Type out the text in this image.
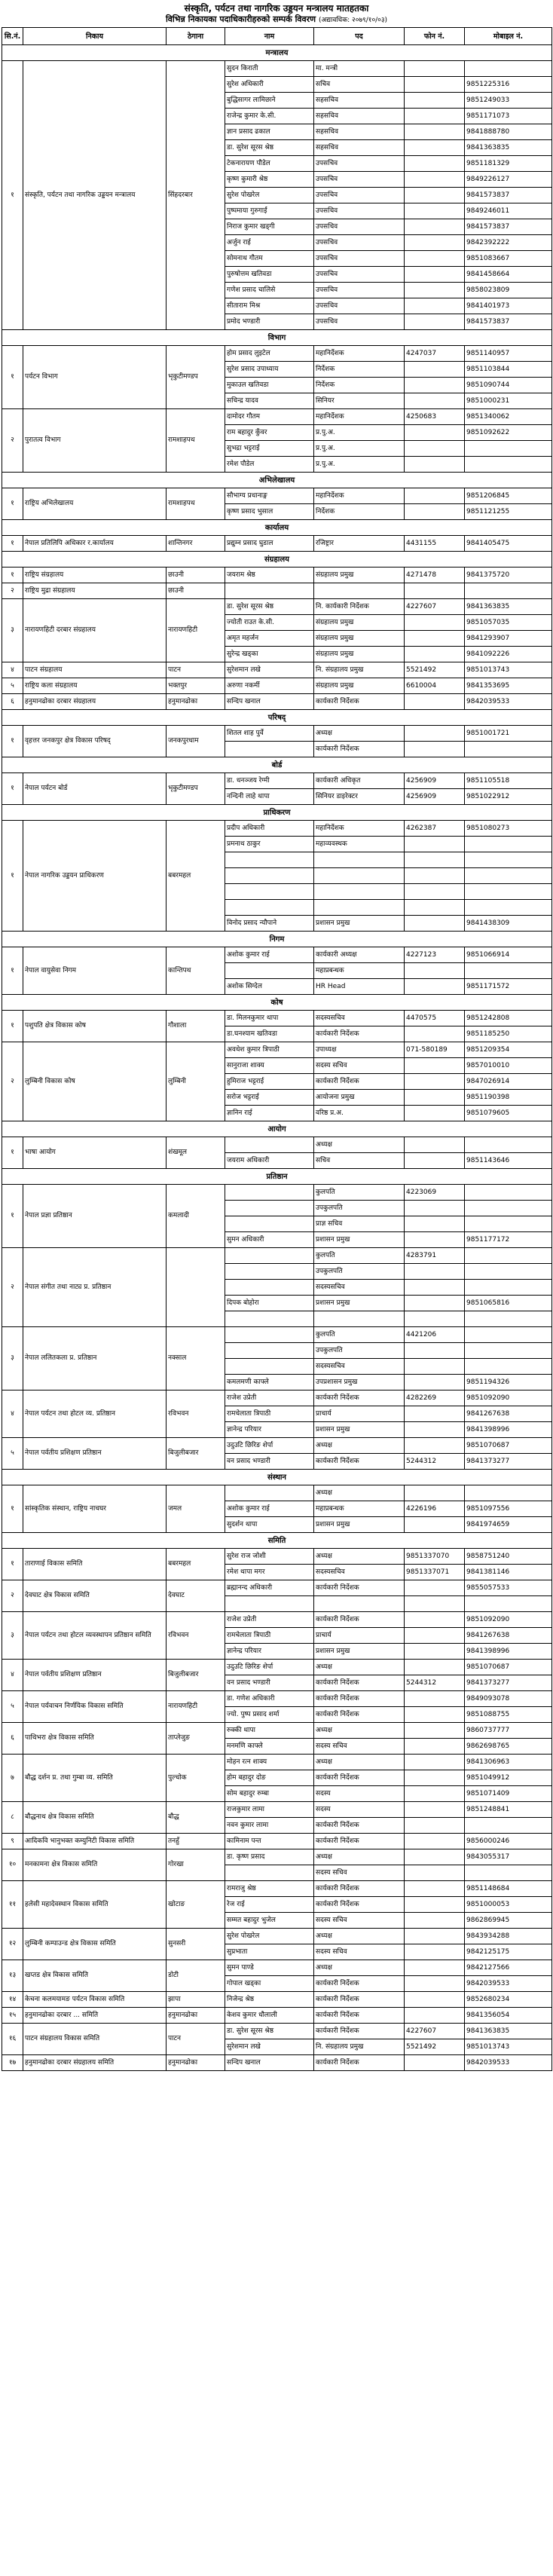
संस्कृति, पर्यटन तथा नागरिक उड्डयन मन्त्रालय मातहतका
विभिन्न निकायका पदाधिकारीहरुको सम्पर्क विवरण (अद्यावधिक: २०७९/१०/०३)
सि.नं.	निकाय	ठेगाना	नाम	पद	फोन नं.	मोबाइल नं.
मन्त्रालय						
१	संस्कृति, पर्यटन तथा नागरिक उड्डयन मन्त्रालय	सिंहदरबार	सुदन किराती	मा. मन्त्री		
			सुरेश अधिकारी	सचिव		9851225316
			बुद्धिसागर लामिछाने	सहसचिव		9851249033
			राजेन्द्र कुमार के.सी.	सहसचिव		9851171073
			ज्ञान प्रसाद ढकाल	सहसचिव		9841888780
			डा. सुरेश सूरस श्रेष्ठ	सहसचिव		9841363835
			टेकनारायण पौडेल	उपसचिव		9851181329
			कृष्ण कुमारी श्रेष्ठ	उपसचिव		9849226127
			सुरेश पोखरेल	उपसचिव		9841573837
			पुष्पमाया गुरुगाईं	उपसचिव		9849246011
			निराज कुमार खड्गी	उपसचिव		9841573837
			अर्जुन राई	उपसचिव		9842392222
			सोमनाथ गौतम	उपसचिव		9851083667
			पुरुषोत्तम खतिवडा	उपसचिव		9841458664
			गणेश प्रसाद चालिसे	उपसचिव		9858023809
			सीताराम मिश्र	उपसचिव		9841401973
			प्रमोद भण्डारी	उपसचिव		9841573837
विभाग						
१	पर्यटन विभाग	भृकुटीमण्डप	होम प्रसाद लुइटेल	महानिर्देशक	4247037	9851140957
			सुरेश प्रसाद उपाध्याय	निर्देशक		9851103844
			मुकाउल खतिवडा	निर्देशक		9851090744
			सचिन्द्र यादव	सिनियर		9851000231
२	पुरातत्व विभाग	रामशाहपथ	दामोदर गौतम	महानिर्देशक	4250683	9851340062
			राम बहादुर कुँवर	प्र.पु.अ.		9851092622
			सुभद्रा भट्टराई	प्र.पु.अ.		
			रमेश पौडेल	प्र.पु.अ.		
अभिलेखालय						
१	राष्ट्रिय अभिलेखालय	रामशाहपथ	सौभाग्य प्रधानाङ्ग	महानिर्देशक		9851206845
			कृष्ण प्रसाद भुसाल	निर्देशक		9851121255
कार्यालय						
१	नेपाल प्रतिलिपि अधिकार र.कार्यालय	शान्तिनगर	प्रद्युम्न प्रसाद घुडाल	रजिष्ट्रार	4431155	9841405475
संग्रहालय						
१	राष्ट्रिय संग्रहालय	छाउनी	जयराम श्रेष्ठ	संग्रहालय प्रमुख	4271478	9841375720
२	राष्ट्रिय मुद्रा संग्रहालय	छाउनी				
३	नारायणहिटी दरबार संग्रहालय	नारायणहिटी	डा. सुरेश सूरस श्रेष्ठ	नि. कार्यकारी निर्देशक	4227607	9841363835
			ज्योती राउत के.सी.	संग्रहालय प्रमुख		9851057035
			अमृत महर्जन	संग्रहालय प्रमुख		9841293907
			सुरेन्द्र खड्का	संग्रहालय प्रमुख		9841092226
४	पाटन संग्रहालय	पाटन	सुरेशमान लखे	नि. संग्रहालय प्रमुख	5521492	9851013743
५	राष्ट्रिय कला संग्रहालय	भक्तपुर	अरुणा नकर्मी	संग्रहालय प्रमुख	6610004	9841353695
६	हनुमानढोका दरबार संग्रहालय	हनुमानढोका	सन्दिप खनाल	कार्यकारी निर्देशक		9842039533
परिषद्						
१	वृहत्तर जनकपुर क्षेत्र विकास परिषद्	जनकपुरधाम	शितल शाह पुर्वे	अध्यक्ष		9851001721
				कार्यकारी निर्देशक		
बोर्ड						
१	नेपाल पर्यटन बोर्ड	भृकुटीमण्डप	डा. धनञ्जय रेग्मी	कार्यकारी अधिकृत	4256909	9851105518
			नन्दिनी लाहे थापा	सिनियर डाइरेक्टर	4256909	9851022912
प्राधिकरण						
१	नेपाल नागरिक उड्डयन प्राधिकरण	बबरमहल	प्रदीप अधिकारी	महानिर्देशक	4262387	9851080273
			प्रमनाथ ठाकुर	महाव्यवस्थक		

			विनोद प्रसाद न्यौपाने	प्रशासन प्रमुख		9841438309
निगम						
१	नेपाल वायुसेवा निगम	कान्तिपथ	अशोक कुमार राई	कार्यकारी अध्यक्ष	4227123	9851066914
				महाप्रबन्धक		
			अशोक सिग्देल	HR Head		9851171572
कोष						
१	पशुपति क्षेत्र विकास कोष	गौशाला	डा. मिलनकुमार थापा	सदस्यसचिव	4470575	9851242808
			डा.घनश्याम खतिवडा	कार्यकारी निर्देशक		9851185250
२	लुम्बिनी विकास कोष	लुम्बिनी	अवधेश कुमार त्रिपाठी	उपाध्यक्ष	071-580189	9851209354
			सानुराजा शाक्य	सदस्य सचिव		9857010010
			हुमिराज भट्टराई	कार्यकारी निर्देशक		9847026914
			सरोज भट्टराई	आयोजना प्रमुख		9851190398
			ज्ञानिन राई	वरिष्ठ प्र.अ.		9851079605
आयोग						
१	भाषा आयोग	शंखमूल		अध्यक्ष		
			जयराम अधिकारी	सचिव		9851143646
प्रतिष्ठान						
१	नेपाल प्रज्ञा प्रतिष्ठान	कमलादी		कुलपति	4223069	
				उपकुलपति		
				प्राज्ञ सचिव		
			सुमन अधिकारी	प्रशासन प्रमुख		9851177172
२	नेपाल संगीत तथा नाट्य प्र. प्रतिष्ठान			कुलपति	4283791	
				उपकुलपति		
				सदस्यसचिव		
			दिपक बोहोरा	प्रशासन प्रमुख		9851065816

३	नेपाल ललितकला प्र. प्रतिष्ठान	नक्साल		कुलपति	4421206	
				उपकुलपति		
				सदस्यसचिव		
			कमलमणी काफ्ले	उपप्रशासन प्रमुख		9851194326
४	नेपाल पर्यटन तथा होटल व्य. प्रतिष्ठान	रविभवन	राजेश उप्रेती	कार्यकारी निर्देशक	4282269	9851092090
			रामचेलाता त्रिपाठी	प्राचार्य		9841267638
			ज्ञानेन्द्र परियार	प्रशासन प्रमुख		9841398996
५	नेपाल पर्वतीय प्रशिक्षण प्रतिष्ठान	बिजुलीबजार	उदुउटि छिरिङ शेर्पा	अध्यक्ष		9851070687
			वन प्रसाद भण्डारी	कार्यकारी निर्देशक	5244312	9841373277
संस्थान						
१	सांस्कृतिक संस्थान, राष्ट्रिय नाचघर	जमल		अध्यक्ष		
			अशोक कुमार राई	महाप्रबन्धक	4226196	9851097556
			सुदर्शन थापा	प्रशासन प्रमुख		9841974659
समिति						
१	ताराणाई विकास समिति	बबरमहल	सुरेश राज जोशी	अध्यक्ष	9851337070	9858751240
			रमेश थापा मगर	सदस्यसचिव	9851337071	9841381146
२	देवघाट क्षेत्र विकास समिति	देवघाट	ब्रह्मानन्द अधिकारी	कार्यकारी निर्देशक		9855057533

३	नेपाल पर्यटन तथा होटल व्यवस्थापन प्रतिष्ठान समिति	रविभवन	राजेश उप्रेती	कार्यकारी निर्देशक		9851092090
			रामचेलाता त्रिपाठी	प्राचार्य		9841267638
			ज्ञानेन्द्र परियार	प्रशासन प्रमुख		9841398996
४	नेपाल पर्वतीय प्रशिक्षण प्रतिष्ठान	बिजुलीबजार	उदुउटि छिरिङ शेर्पा	अध्यक्ष		9851070687
			वन प्रसाद भण्डारी	कार्यकारी निर्देशक	5244312	9841373277
५	नेपाल पर्यवाचन निर्णयिक विकास समिति	नारायणहिटी	डा. गणेश अधिकारी	कार्यकारी निर्देशक		9849093078
			ज्यो. पुष्प प्रसाद शर्मा	कार्यकारी निर्देशक		9851088755
६	पाथिभरा क्षेत्र विकास समिति	ताप्लेजुङ	रुक्की थापा	अध्यक्ष		9860737777
			मनमणि काफ्ले	सदस्य सचिव		9862698765
७	बौद्ध दर्शन प्र. तथा गुम्बा व्य. समिति	पुल्चोक	मोहन रत्न शाक्य	अध्यक्ष		9841306963
			होम बहादुर दोङ	कार्यकारी निर्देशक		9851049912
			सोम बहादुर रुम्बा	सदस्य		9851071409
८	बौद्धनाथ क्षेत्र विकास समिति	बौद्ध	राजकुमार लामा	सदस्य		9851248841
			नवन कुमार लामा	कार्यकारी निर्देशक		
९	आदिकवि भानुभक्त कम्युनिटी विकास समिति	तनहुँ	कामिनाम पन्त	कार्यकारी निर्देशक		9856000246
१०	मनकामना क्षेत्र विकास समिति	गोरखा	डा. कृष्ण प्रसाद	अध्यक्ष		9843055317
				सदस्य सचिव		
११	हलेसी महादेवस्थान विकास समिति	खोटाङ	रामराजु श्रेष्ठ	कार्यकारी निर्देशक		9851148684
			रेज राई	कार्यकारी निर्देशक		9851000053
			सम्मत बहादुर भुजेल	सदस्य सचिव		9862869945
१२	लुम्बिनी कम्पाउन्ड क्षेत्र विकास समिति	सुनसरी	सुरेश पोखरेल	अध्यक्ष		9843934288
			सुप्रभाता	सदस्य सचिव		9842125175
१३	खप्तड क्षेत्र विकास समिति	डोटी	सुमन पाण्डे	अध्यक्ष		9842127566
			गोपाल खड्का	कार्यकारी निर्देशक		9842039533
१४	केचना कलमयामङ पर्यटन विकास समिति	झापा	निजेन्द्र श्रेष्ठ	कार्यकारी निर्देशक		9852680234
१५	हनुमानढोका दरबार ... समिति	हनुमानढोका	केशव कुमार धौलाली	कार्यकारी निर्देशक		9841356054
१६	पाटन संग्रहालय विकास समिति	पाटन	डा. सुरेश सूरस श्रेष्ठ	कार्यकारी निर्देशक	4227607	9841363835
			सुरेशमान लखे	नि. संग्रहालय प्रमुख	5521492	9851013743
१७	हनुमानढोका दरबार संग्रहालय समिति	हनुमानढोका	सन्दिप खनाल	कार्यकारी निर्देशक		9842039533
